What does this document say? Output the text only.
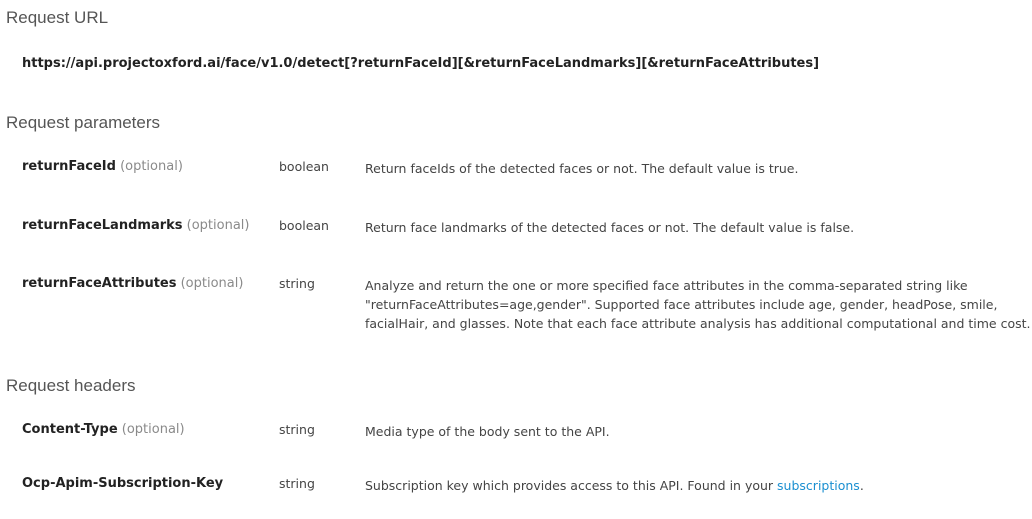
Request URL
https://api.projectoxford.ai/face/v1.0/detect[?returnFaceId][&returnFaceLandmarks][&returnFaceAttributes]
Request parameters
returnFaceId (optional)	boolean	Return faceIds of the detected faces or not. The default value is true.
returnFaceLandmarks (optional) boolean	Return face landmarks of the detected faces or not. The default value is false.
returnFaceAttributes (optional)	string	Analyze and return the one or more specified face attributes in the comma-separated string like
"returnFaceAttributes=age,gender". Supported face attributes include age, gender, headPose, smile,
facialHair, and glasses. Note that each face attribute analysis has additional computational and time cost.
Request headers
Content-Type (optional)	string	Media type of the body sent to the API.
Ocp-Apim-Subscription-Key	string	Subscription key which provides access to this API. Found in your subscriptions.
